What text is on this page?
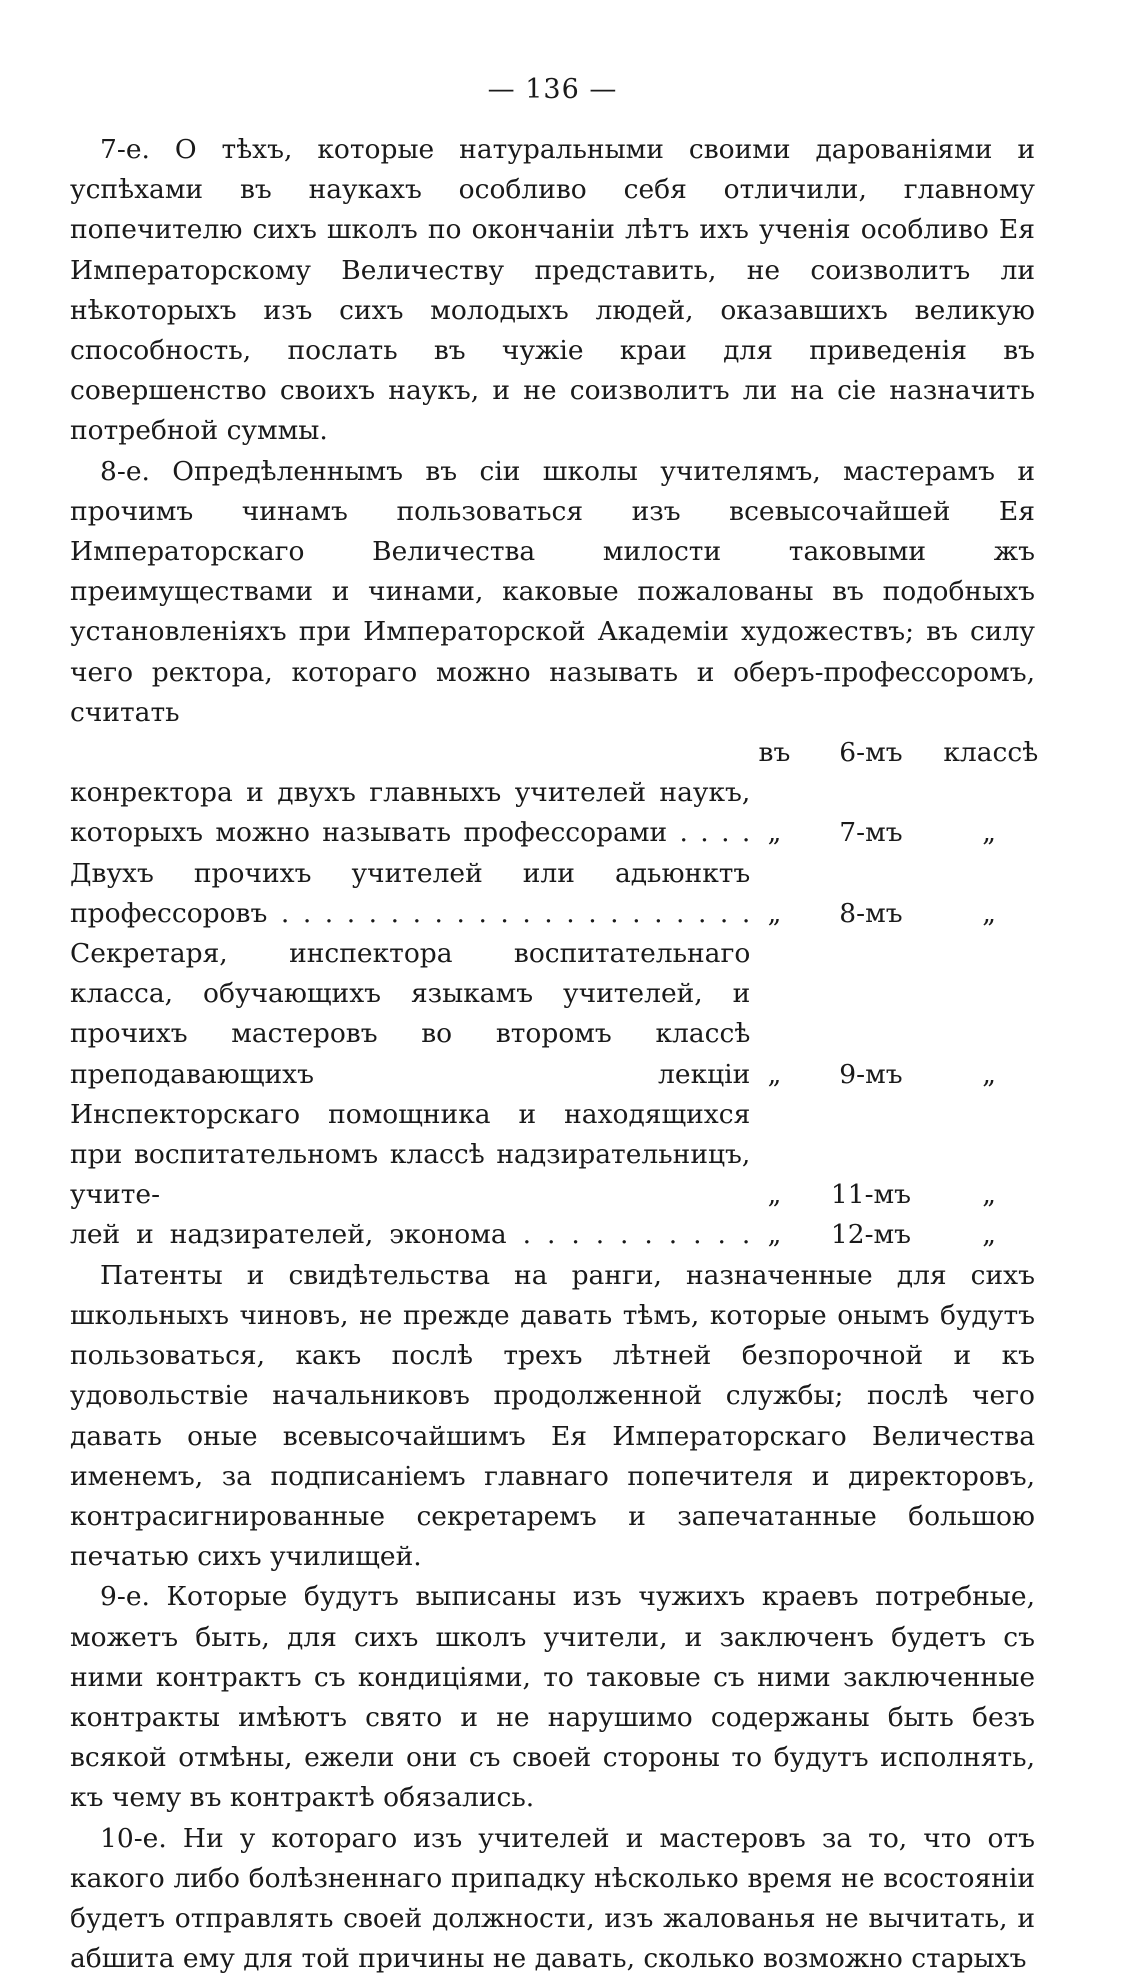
— 136 —

7-е. О тѣхъ, которые натуральными своими дарованіями и успѣхами въ наукахъ особливо себя отличили, главному попечителю сихъ школъ по окончаніи лѣтъ ихъ ученія особливо Ея Императорскому Величеству представить, не соизволитъ ли нѣкоторыхъ изъ сихъ молодыхъ людей, оказавшихъ великую способность, послать въ чужіе краи для приведенія въ совершенство своихъ наукъ, и не соизволитъ ли на сіе назначить потребной суммы.

8-е. Опредѣленнымъ въ сіи школы учителямъ, мастерамъ и прочимъ чинамъ пользоваться изъ всевысочайшей Ея Императорскаго Величества милости таковыми жъ преимуществами и чинами, каковые пожалованы въ подобныхъ установленіяхъ при Императорской Академіи художествъ; въ силу чего ректора, котораго можно называть и оберъ-профессоромъ, считать

	въ	6-мъ	классѣ
конректора и двухъ главныхъ учителей наукъ, которыхъ можно называть профессорами . . . .	„	7-мъ	„
Двухъ прочихъ учителей или адьюнктъ профессоровъ . . . . . . . . . . . . . . . . . . . . . .	„	8-мъ	„
Секретаря, инспектора воспитательнаго класса, обучающихъ языкамъ учителей, и прочихъ мастеровъ во второмъ классѣ преподавающихъ лекціи	„	9-мъ	„
Инспекторскаго помощника и находящихся при воспитательномъ классѣ надзирательницъ, учите-	„	11-мъ	„
лей и надзирателей, эконома . . . . . . . . . .	„	12-мъ	„

Патенты и свидѣтельства на ранги, назначенные для сихъ школьныхъ чиновъ, не прежде давать тѣмъ, которые онымъ будутъ пользоваться, какъ послѣ трехъ лѣтней безпорочной и къ удовольствіе начальниковъ продолженной службы; послѣ чего давать оные всевысочайшимъ Ея Императорскаго Величества именемъ, за подписаніемъ главнаго попечителя и директоровъ, контрасигнированные секретаремъ и запечатанные большою печатью сихъ училищей.

9-е. Которые будутъ выписаны изъ чужихъ краевъ потребные, можетъ быть, для сихъ школъ учители, и заключенъ будетъ съ ними контрактъ съ кондиціями, то таковые съ ними заключенные контракты имѣютъ свято и не нарушимо содержаны быть безъ всякой отмѣны, ежели они съ своей стороны то будутъ исполнять, къ чему въ контрактѣ обязались.

10-е. Ни у котораго изъ учителей и мастеровъ за то, что отъ какого либо болѣзненнаго припадку нѣсколько время не всостояніи будетъ отправлять своей должности, изъ жалованья не вычитать, и абшита ему для той причины не давать, сколько возможно старыхъ
